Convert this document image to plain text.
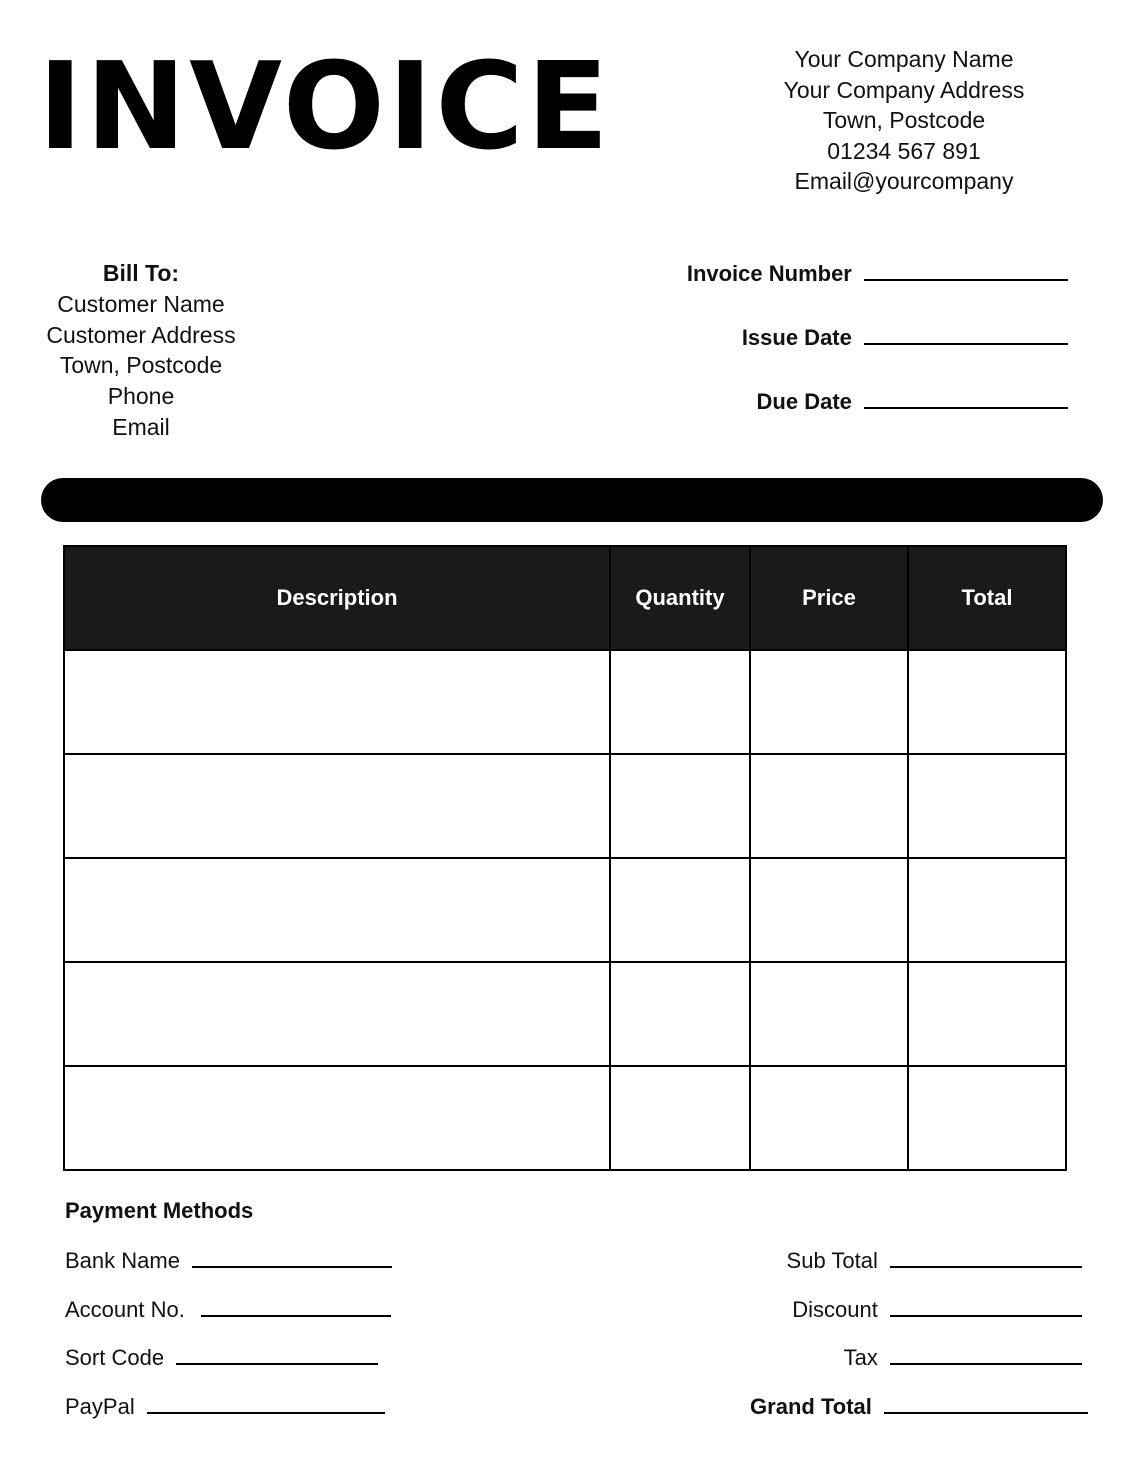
INVOICE	Your Company Name
Your Company Address
Town, Postcode
01234 567 891
Email@yourcompany
Bill To:
Customer Name
Customer Address
Town, Postcode
Phone
Email
Invoice Number
Issue Date
Due Date
Description	Quantity	Price	Total

Payment Methods
Bank Name
Account No.
Sort Code
PayPal
Sub Total
Discount
Tax
Grand Total
